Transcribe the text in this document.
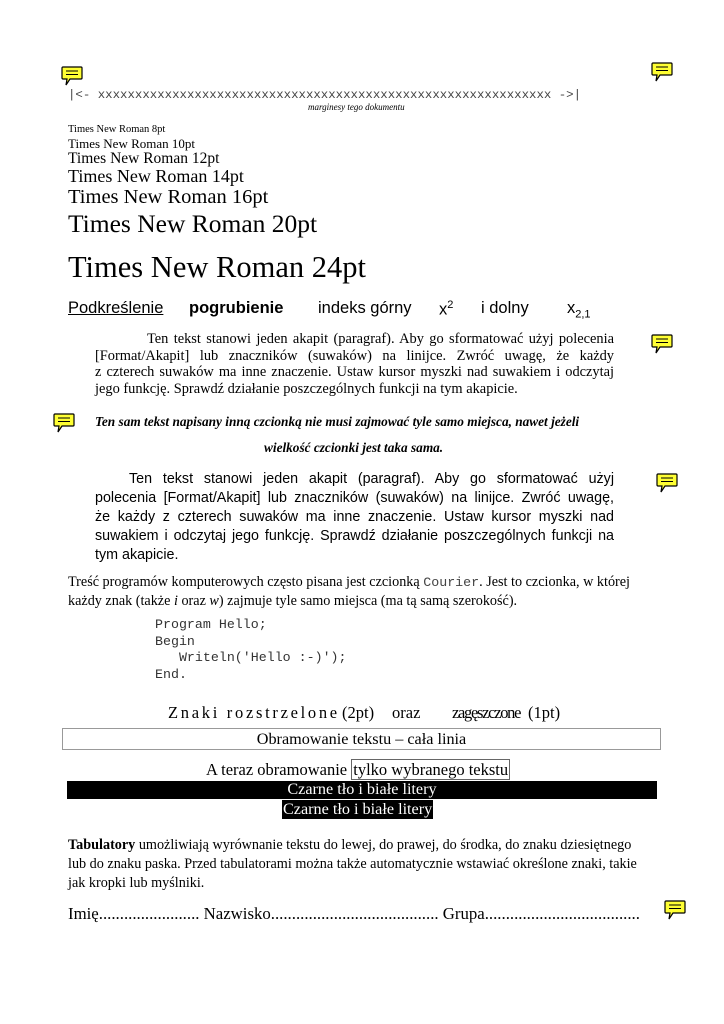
|<- xxxxxxxxxxxxxxxxxxxxxxxxxxxxxxxxxxxxxxxxxxxxxxxxxxxxxxxxxxxxx ->|
marginesy tego dokumentu
Times New Roman 8pt
Times New Roman 10pt
Times New Roman 12pt
Times New Roman 14pt
Times New Roman 16pt
Times New Roman 20pt
Times New Roman 24pt
Podkreślenie pogrubienie indeks górny $x^2$ i dolny $x_{2,1}$
Ten tekst stanowi jeden akapit (paragraf). Aby go sformatować użyj polecenia
[Format/Akapit] lub znaczników (suwaków) na linijce. Zwróć uwagę, że każdy
z czterech suwaków ma inne znaczenie. Ustaw kursor myszki nad suwakiem i odczytaj
jego funkcję. Sprawdź działanie poszczególnych funkcji na tym akapicie.
Ten sam tekst napisany inną czcionką nie musi zajmować tyle samo miejsca, nawet jeżeli
wielkość czcionki jest taka sama.
Ten tekst stanowi jeden akapit (paragraf). Aby go sformatować użyj
polecenia [Format/Akapit] lub znaczników (suwaków) na linijce. Zwróć uwagę,
że każdy z czterech suwaków ma inne znaczenie. Ustaw kursor myszki nad
suwakiem i odczytaj jego funkcję. Sprawdź działanie poszczególnych funkcji na
tym akapicie.
Treść programów komputerowych często pisana jest czcionką Courier. Jest to czcionka, w której
każdy znak (także i oraz w) zajmuje tyle samo miejsca (ma tą samą szerokość).
Program Hello;
Begin
Writeln('Hello :-)');
End.
Znaki rozstrzelone (2pt) oraz zagęszczone (1pt)
Obramowanie tekstu – cała linia
A teraz obramowanie tylko wybranego tekstu
Czarne tło i białe litery
Czarne tło i białe litery
Tabulatory umożliwiają wyrównanie tekstu do lewej, do prawej, do środka, do znaku dziesiętnego
lub do znaku paska. Przed tabulatorami można także automatycznie wstawiać określone znaki, takie
jak kropki lub myślniki.
Imię........................ Nazwisko........................................ Grupa.....................................
